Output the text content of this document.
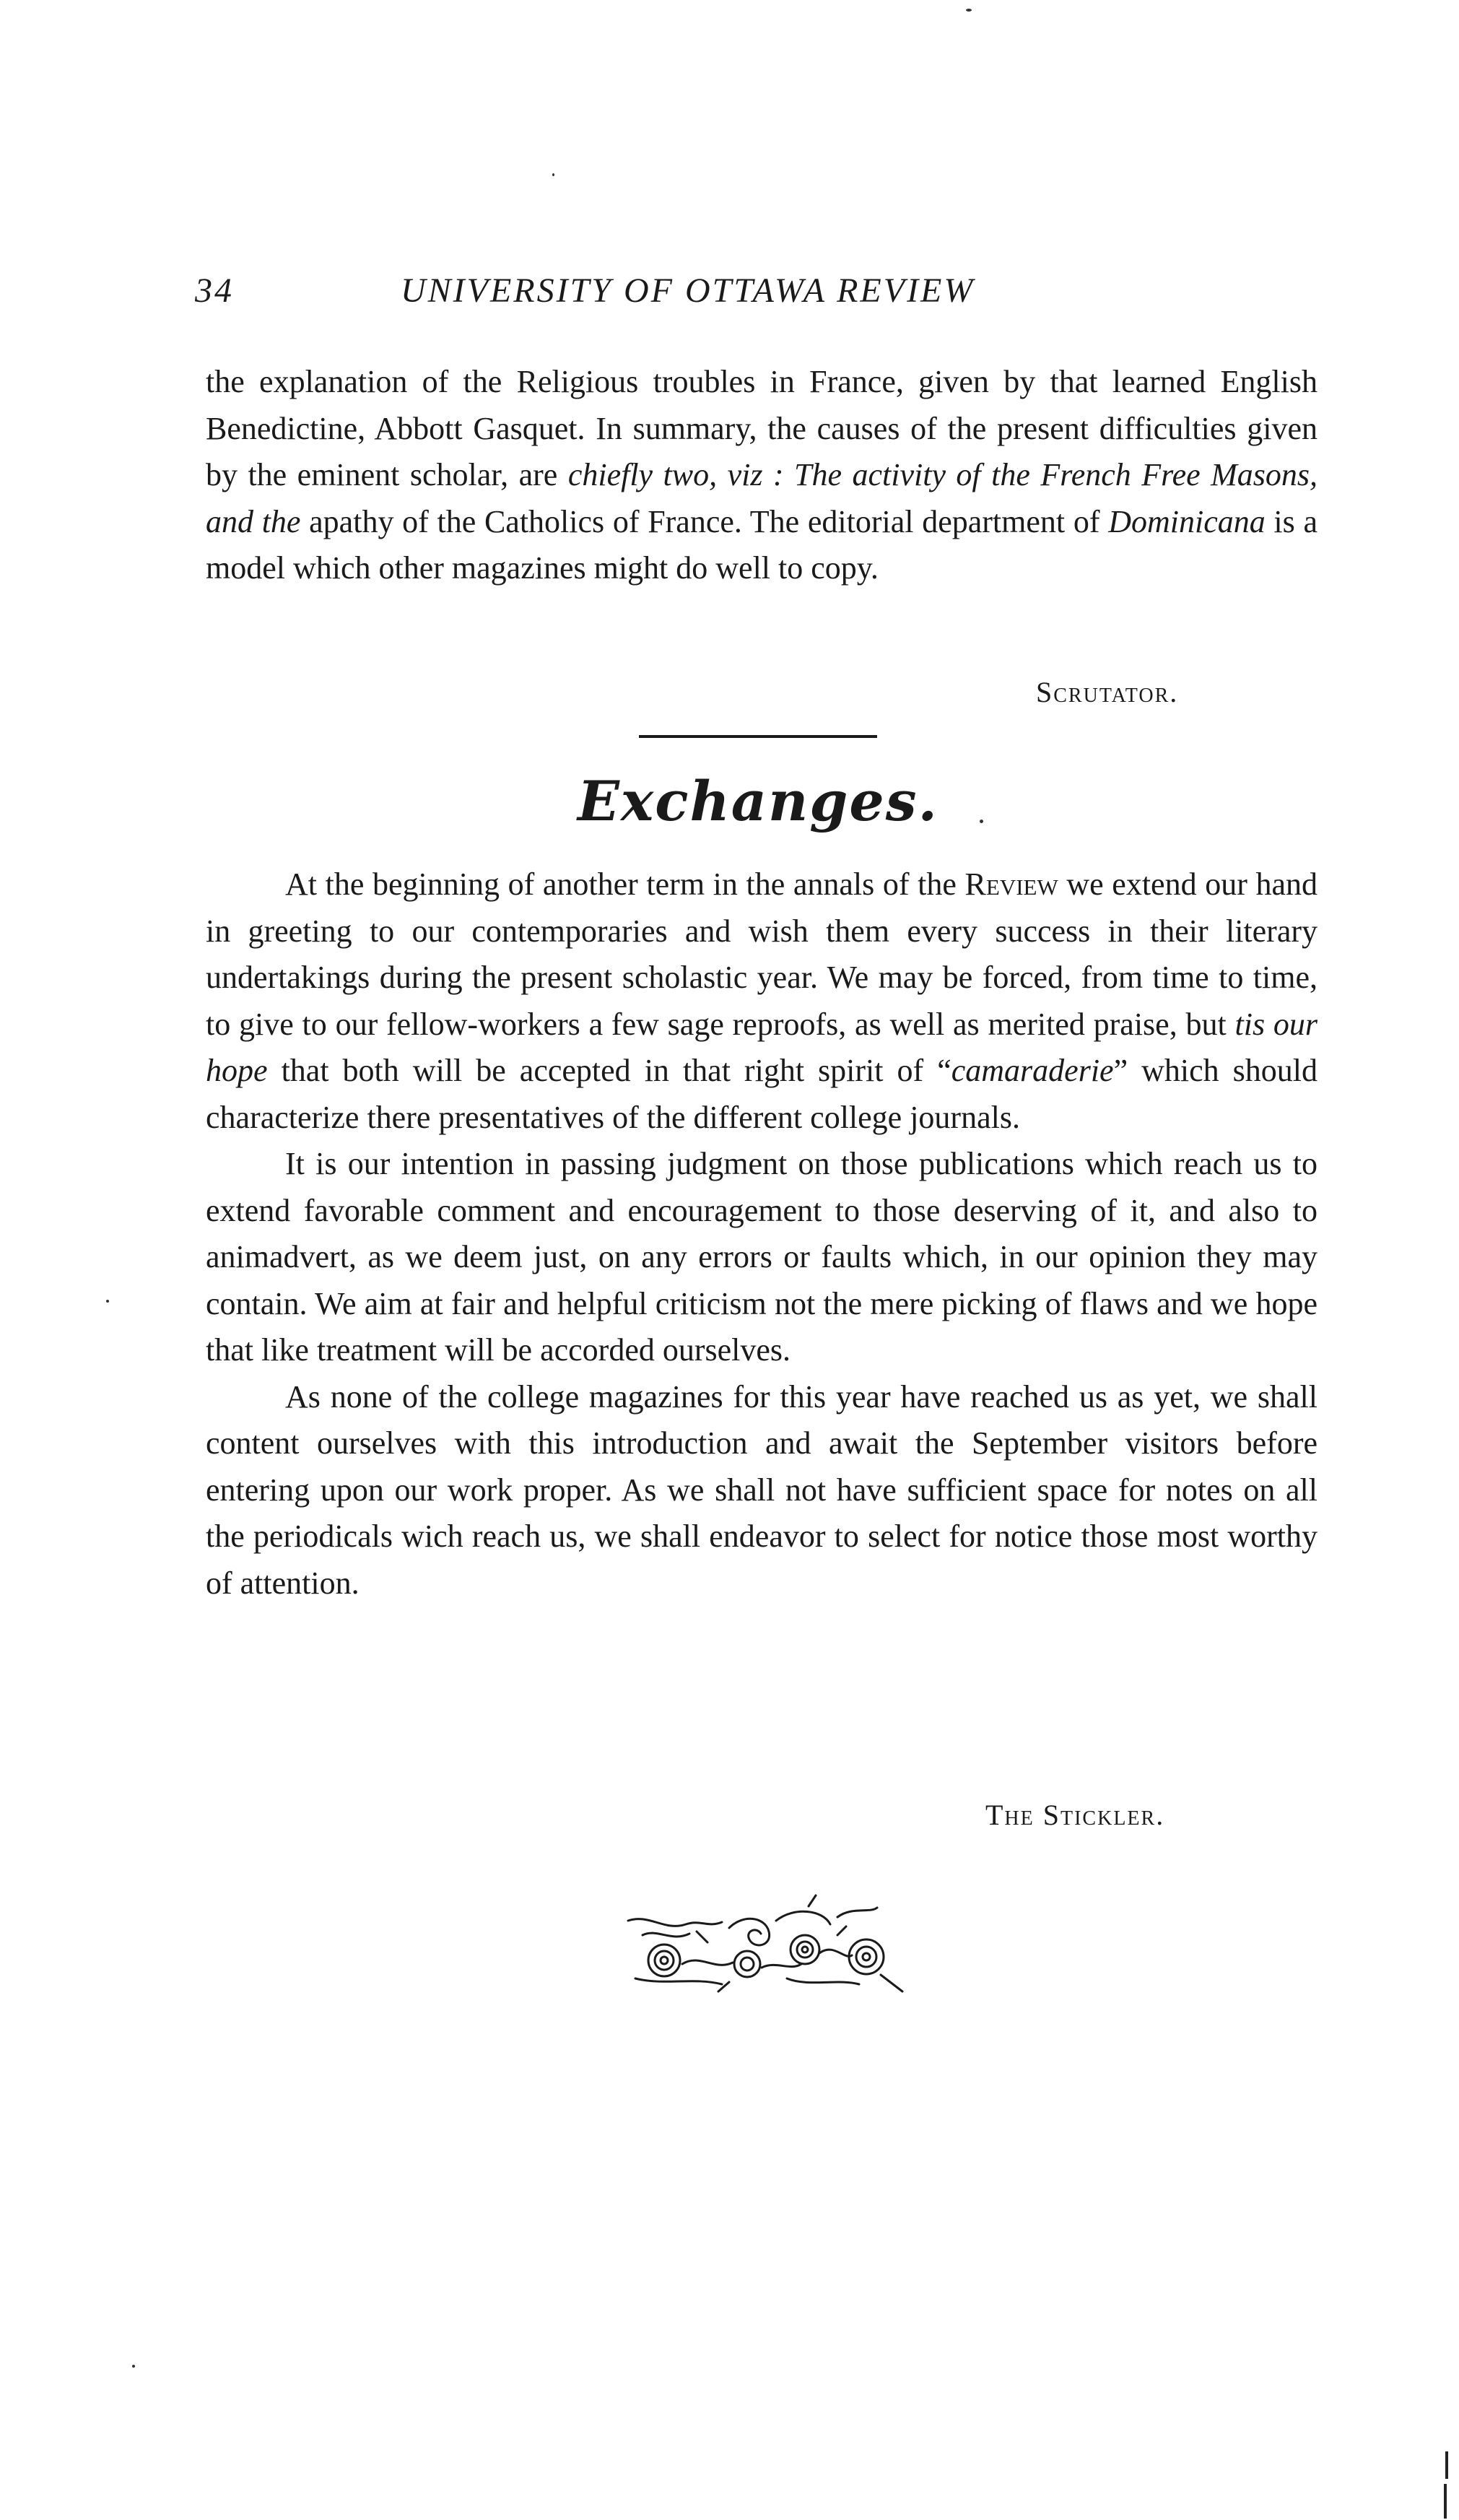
34	UNIVERSITY OF OTTAWA REVIEW

the explanation of the Religious troubles in France, given by that learned English Benedictine, Abbott Gasquet. In summary, the causes of the present difficulties given by the eminent scholar, are chiefly two, viz : The activity of the French Free Masons, and the apathy of the Catholics of France. The editorial department of Dominicana is a model which other magazines might do well to copy.

Scrutator.
Exchanges.

At the beginning of another term in the annals of the Review we extend our hand in greeting to our contemporaries and wish them every success in their literary undertakings during the present scholastic year. We may be forced, from time to time, to give to our fellow-workers a few sage reproofs, as well as merited praise, but tis our hope that both will be accepted in that right spirit of “camaraderie” which should characterize there presentatives of the different college journals.

It is our intention in passing judgment on those publications which reach us to extend favorable comment and encouragement to those deserving of it, and also to animadvert, as we deem just, on any errors or faults which, in our opinion they may contain. We aim at fair and helpful criticism not the mere picking of flaws and we hope that like treatment will be accorded ourselves.

As none of the college magazines for this year have reached us as yet, we shall content ourselves with this introduction and await the September visitors before entering upon our work proper. As we shall not have sufficient space for notes on all the periodicals wich reach us, we shall endeavor to select for notice those most worthy of attention.

The Stickler.
